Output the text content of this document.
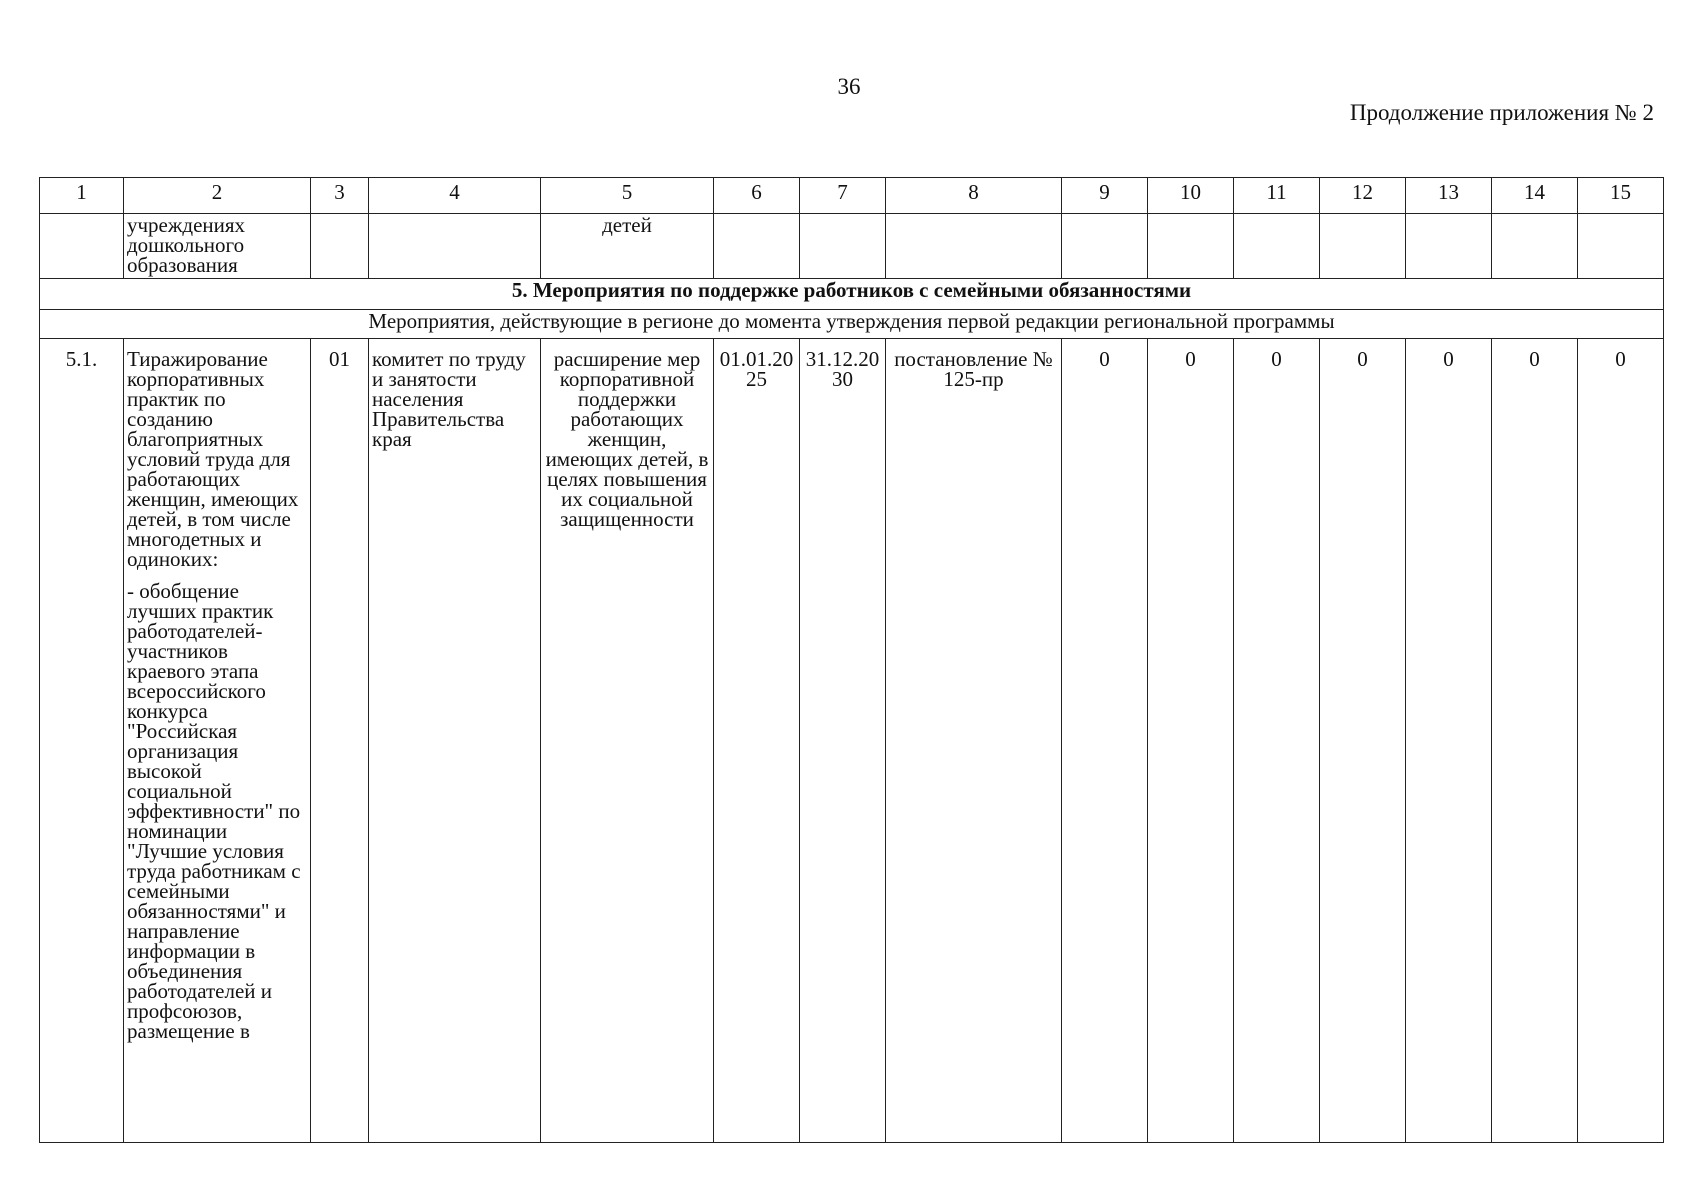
36
Продолжение приложения № 2
1	2	3	4	5	6	7	8	9	10	11	12	13	14	15
	учреждениях дошкольного образования			детей										
5. Мероприятия по поддержке работников с семейными обязанностями														
Мероприятия, действующие в регионе до момента утверждения первой редакции региональной программы														
5.1.	Тиражирование корпоративных практик по созданию благоприятных условий труда для работающих женщин, имеющих детей, в том числе многодетных и одиноких:

- обобщение лучших практик работодателей-участников краевого этапа всероссийского конкурса "Российская организация высокой социальной эффективности" по номинации "Лучшие условия труда работникам с семейными обязанностями" и направление информации в объединения работодателей и профсоюзов, размещение в	01	комитет по труду и занятости населения Правительства края	расширение мер корпоративной поддержки работающих женщин, имеющих детей, в целях повышения их социальной защищенности	01.01.2025	31.12.2030	постановление № 125-пр	0	0	0	0	0	0	0
